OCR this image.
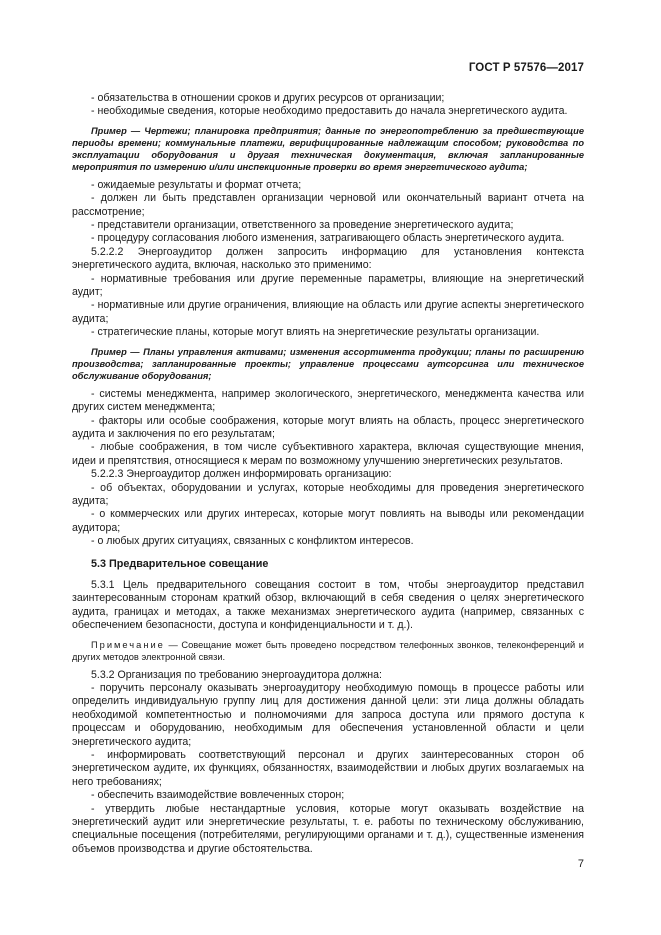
ГОСТ Р 57576—2017

- обязательства в отношении сроков и других ресурсов от организации;

- необходимые сведения, которые необходимо предоставить до начала энергетического аудита.

Пример — Чертежи; планировка предприятия; данные по энергопотреблению за предшествующие периоды времени; коммунальные платежи, верифицированные надлежащим способом; руководства по эксплуатации оборудования и другая техническая документация, включая запланированные мероприятия по измерению и/или инспекционные проверки во время энергетического аудита;

- ожидаемые результаты и формат отчета;

- должен ли быть представлен организации черновой или окончательный вариант отчета на рассмотрение;

- представители организации, ответственного за проведение энергетического аудита;

- процедуру согласования любого изменения, затрагивающего область энергетического аудита.

5.2.2.2 Энергоаудитор должен запросить информацию для установления контекста энергетического аудита, включая, насколько это применимо:

- нормативные требования или другие переменные параметры, влияющие на энергетический аудит;

- нормативные или другие ограничения, влияющие на область или другие аспекты энергетического аудита;

- стратегические планы, которые могут влиять на энергетические результаты организации.

Пример — Планы управления активами; изменения ассортимента продукции; планы по расширению производства; запланированные проекты; управление процессами аутсорсинга или техническое обслуживание оборудования;

- системы менеджмента, например экологического, энергетического, менеджмента качества или других систем менеджмента;

- факторы или особые соображения, которые могут влиять на область, процесс энергетического аудита и заключения по его результатам;

- любые соображения, в том числе субъективного характера, включая существующие мнения, идеи и препятствия, относящиеся к мерам по возможному улучшению энергетических результатов.

5.2.2.3 Энергоаудитор должен информировать организацию:

- об объектах, оборудовании и услугах, которые необходимы для проведения энергетического аудита;

- о коммерческих или других интересах, которые могут повлиять на выводы или рекомендации аудитора;

- о любых других ситуациях, связанных с конфликтом интересов.

5.3 Предварительное совещание

5.3.1 Цель предварительного совещания состоит в том, чтобы энергоаудитор представил заинтересованным сторонам краткий обзор, включающий в себя сведения о целях энергетического аудита, границах и методах, а также механизмах энергетического аудита (например, связанных с обеспечением безопасности, доступа и конфиденциальности и т. д.).

Примечание — Совещание может быть проведено посредством телефонных звонков, телеконференций и других методов электронной связи.

5.3.2 Организация по требованию энергоаудитора должна:

- поручить персоналу оказывать энергоаудитору необходимую помощь в процессе работы или определить индивидуальную группу лиц для достижения данной цели: эти лица должны обладать необходимой компетентностью и полномочиями для запроса доступа или прямого доступа к процессам и оборудованию, необходимым для обеспечения установленной области и цели энергетического аудита;

- информировать соответствующий персонал и других заинтересованных сторон об энергетическом аудите, их функциях, обязанностях, взаимодействии и любых других возлагаемых на него требованиях;

- обеспечить взаимодействие вовлеченных сторон;

- утвердить любые нестандартные условия, которые могут оказывать воздействие на энергетический аудит или энергетические результаты, т. е. работы по техническому обслуживанию, специальные посещения (потребителями, регулирующими органами и т. д.), существенные изменения объемов производства и другие обстоятельства.

7
